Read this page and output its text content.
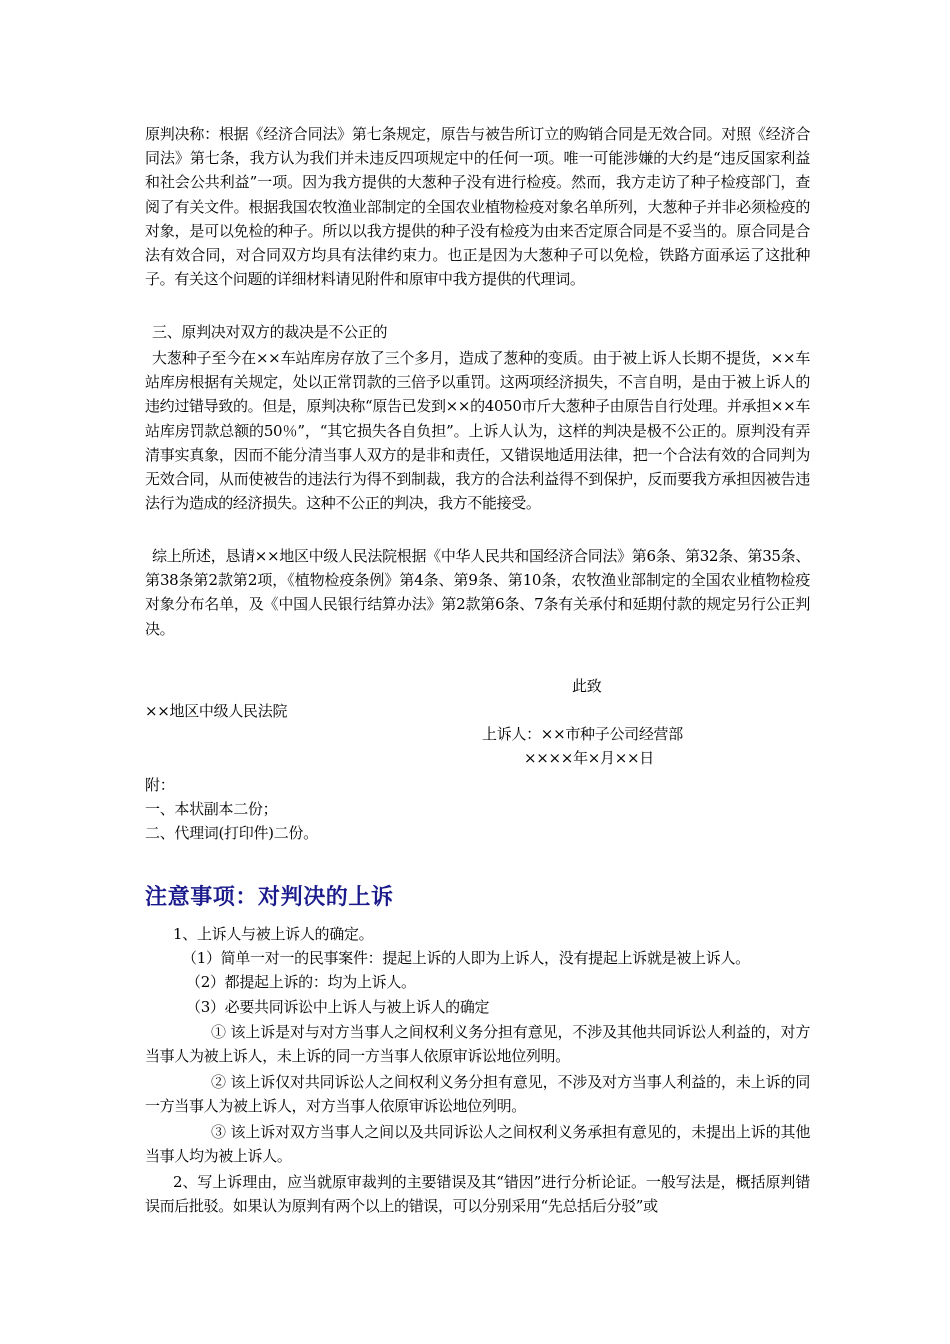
原判决称：根据《经济合同法》第七条规定，原告与被告所订立的购销合同是无效合同。对照《经济合同法》第七条，我方认为我们并未违反四项规定中的任何一项。唯一可能涉嫌的大约是“违反国家利益和社会公共利益”一项。因为我方提供的大葱种子没有进行检疫。然而，我方走访了种子检疫部门，查阅了有关文件。根据我国农牧渔业部制定的全国农业植物检疫对象名单所列，大葱种子并非必须检疫的对象，是可以免检的种子。所以以我方提供的种子没有检疫为由来否定原合同是不妥当的。原合同是合法有效合同，对合同双方均具有法律约束力。也正是因为大葱种子可以免检，铁路方面承运了这批种子。有关这个问题的详细材料请见附件和原审中我方提供的代理词。

三、原判决对双方的裁决是不公正的

大葱种子至今在××车站库房存放了三个多月，造成了葱种的变质。由于被上诉人长期不提货，××车站库房根据有关规定，处以正常罚款的三倍予以重罚。这两项经济损失，不言自明，是由于被上诉人的违约过错导致的。但是，原判决称“原告已发到××的4050市斤大葱种子由原告自行处理。并承担××车站库房罚款总额的50％”，“其它损失各自负担”。上诉人认为，这样的判决是极不公正的。原判没有弄清事实真象，因而不能分清当事人双方的是非和责任，又错误地适用法律，把一个合法有效的合同判为无效合同，从而使被告的违法行为得不到制裁，我方的合法利益得不到保护，反而要我方承担因被告违法行为造成的经济损失。这种不公正的判决，我方不能接受。

综上所述，恳请××地区中级人民法院根据《中华人民共和国经济合同法》第6条、第32条、第35条、第38条第2款第2项，《植物检疫条例》第4条、第9条、第10条，农牧渔业部制定的全国农业植物检疫对象分布名单，及《中国人民银行结算办法》第2款第6条、7条有关承付和延期付款的规定另行公正判决。

此致

××地区中级人民法院

上诉人：××市种子公司经营部

××××年×月××日

附：

一、本状副本二份；

二、代理词(打印件)二份。

注意事项：对判决的上诉

1、上诉人与被上诉人的确定。

（1）简单一对一的民事案件：提起上诉的人即为上诉人，没有提起上诉就是被上诉人。

（2）都提起上诉的：均为上诉人。

（3）必要共同诉讼中上诉人与被上诉人的确定

① 该上诉是对与对方当事人之间权利义务分担有意见，不涉及其他共同诉讼人利益的，对方当事人为被上诉人，未上诉的同一方当事人依原审诉讼地位列明。

② 该上诉仅对共同诉讼人之间权利义务分担有意见，不涉及对方当事人利益的，未上诉的同一方当事人为被上诉人，对方当事人依原审诉讼地位列明。

③ 该上诉对双方当事人之间以及共同诉讼人之间权利义务承担有意见的，未提出上诉的其他当事人均为被上诉人。

2、写上诉理由，应当就原审裁判的主要错误及其“错因”进行分析论证。一般写法是，概括原判错误而后批驳。如果认为原判有两个以上的错误，可以分别采用“先总括后分驳”或
